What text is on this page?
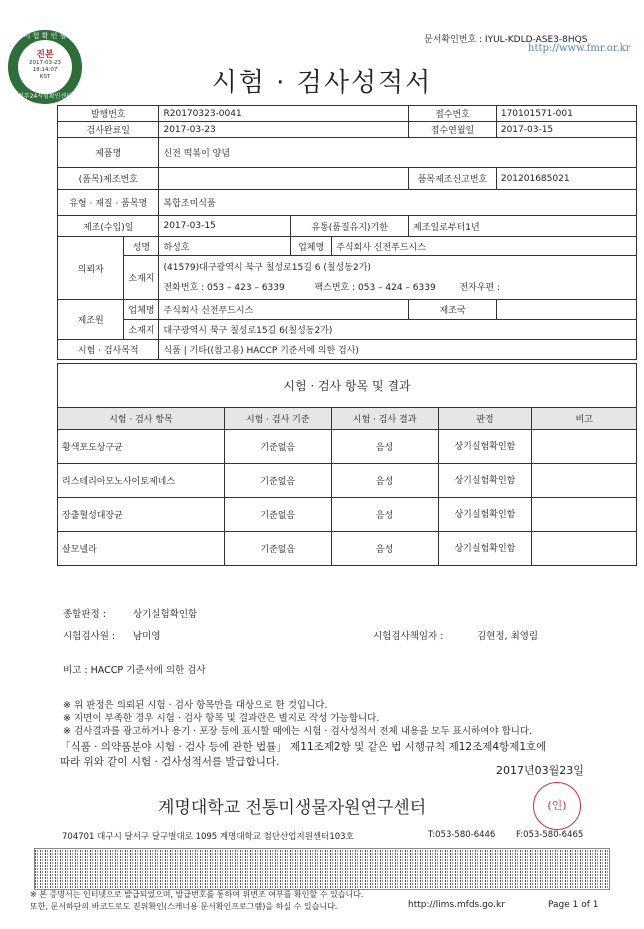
문서확인번호 : IYUL-KDLD-ASE3-8HQS
http://www.fmr.or.kr
시 험 확 인 필
진본
2017-03-23
18:14:07
KST
정부24시험확인센터	시험 · 검사성적서
발행번호		R20170323-0041			접수번호	170101571-001
검사완료일		2017-03-23			접수연월일	2017-03-15
제품명		신전 떡볶이 양념				
(품목)제조번호					품목제조신고번호	201201685021
유형 · 재질 · 품목명		복합조미식품				
제조(수입)일		2017-03-15	유통(품질유지)기한		제조일로부터1년	
의뢰자	성명	하성호	업체명	주식회사 신전푸드시스		
	소재지	(41579)대구광역시 북구 칠성로15길 6 (칠성동2가)
전화번호 : 053 – 423 – 6339 팩스번호 : 053 – 424 – 6339 전자우편 :				

제조원	업체명	주식회사 신전푸드시스			제조국	
	소재지	대구광역시 북구 칠성로15길 6(칠성동2가)				
시험 · 검사목적		식품 | 기타((참고용) HACCP 기준서에 의한 검사)				
시험 · 검사 항목 및 결과				
시험 · 검사 항목	시험 · 검사 기준	시험 · 검사 결과	판정	비고
황색포도상구균	기준없음	음성	상기실험확인함	
리스테리아모노사이토제네스	기준없음	음성	상기실험확인함	
장출혈성대장균	기준없음	음성	상기실험확인함	
살모넬라	기준없음	음성	상기실험확인함	
종합판정 :	상기실험확인함
시험검사원 : 남미영	시험검사책임자 :	김현정, 최영림
비고 : HACCP 기준서에 의한 검사
※ 위 판정은 의뢰된 시험 · 검사 항목만을 대상으로 한 것입니다.
※ 지면이 부족한 경우 시험 · 검사 항목 및 결과란은 별지로 작성 가능합니다.
※ 검사결과를 광고하거나 용기 · 포장 등에 표시할 때에는 시험 · 검사성적서 전체 내용을 모두 표시하여야 합니다.
「식품 · 의약품분야 시험 · 검사 등에 관한 법률」 제11조제2항 및 같은 법 시행규칙 제12조제4항제1호에
따라 위와 같이 시험 · 검사성적서를 발급합니다.
2017년03월23일
계명대학교 전통미생물자원연구센터	(인)
704701 대구시 달서구 달구벌대로 1095 계명대학교 첨단산업지원센터103호	T:053-580-6446 F:053-580-6465
※ 본 증명서는 인터넷으로 발급되었으며, 발급번호를 통하여 위변조 여부를 확인할 수 있습니다.
또한, 문서하단의 바코드로도 진위확인(스캐너용 문서확인프로그램)을 하실 수 있습니다.	http://lims.mfds.go.kr	Page 1 of 1
